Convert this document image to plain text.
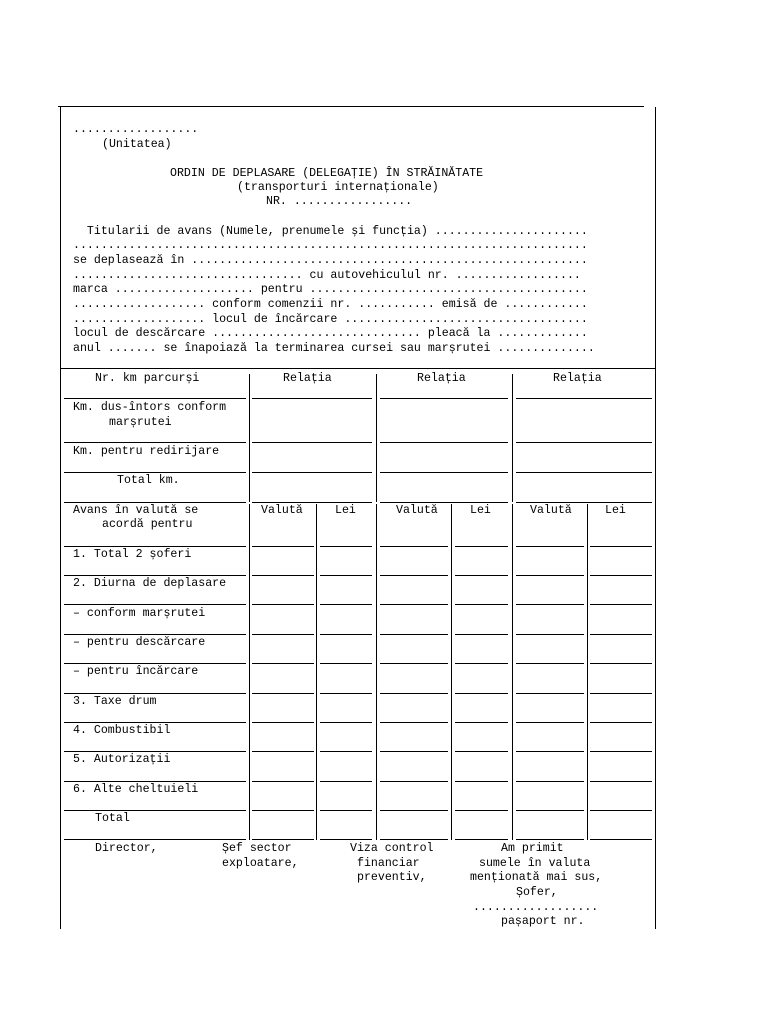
..................
(Unitatea)
ORDIN DE DEPLASARE (DELEGAȚIE) ÎN STRĂINĂTATE
(transporturi internaționale)
NR. .................
Titularii de avans (Numele, prenumele și funcția) ......................
..........................................................................
se deplasează în .........................................................
................................. cu autovehiculul nr. ..................
marca .................... pentru ........................................
................... conform comenzii nr. ........... emisă de ............
................... locul de încărcare ...................................
locul de descărcare .............................. pleacă la .............
anul ....... se înapoiază la terminarea cursei sau marșrutei ..............
Nr. km parcurși	Relația	Relația	Relația
Km. dus-întors conform
marșrutei
Km. pentru redirijare
Total km.
Avans în valută se
acordă pentru
Valută	Lei	Valută	Lei	Valută	Lei
1. Total 2 șoferi
2. Diurna de deplasare
– conform marșrutei
– pentru descărcare
– pentru încărcare
3. Taxe drum
4. Combustibil
5. Autorizații
6. Alte cheltuieli
Total
Director,	Șef sector
exploatare,
Viza control
financiar
preventiv,
Am primit
sumele în valuta
menționată mai sus,
Șofer,
..................
pașaport nr.
